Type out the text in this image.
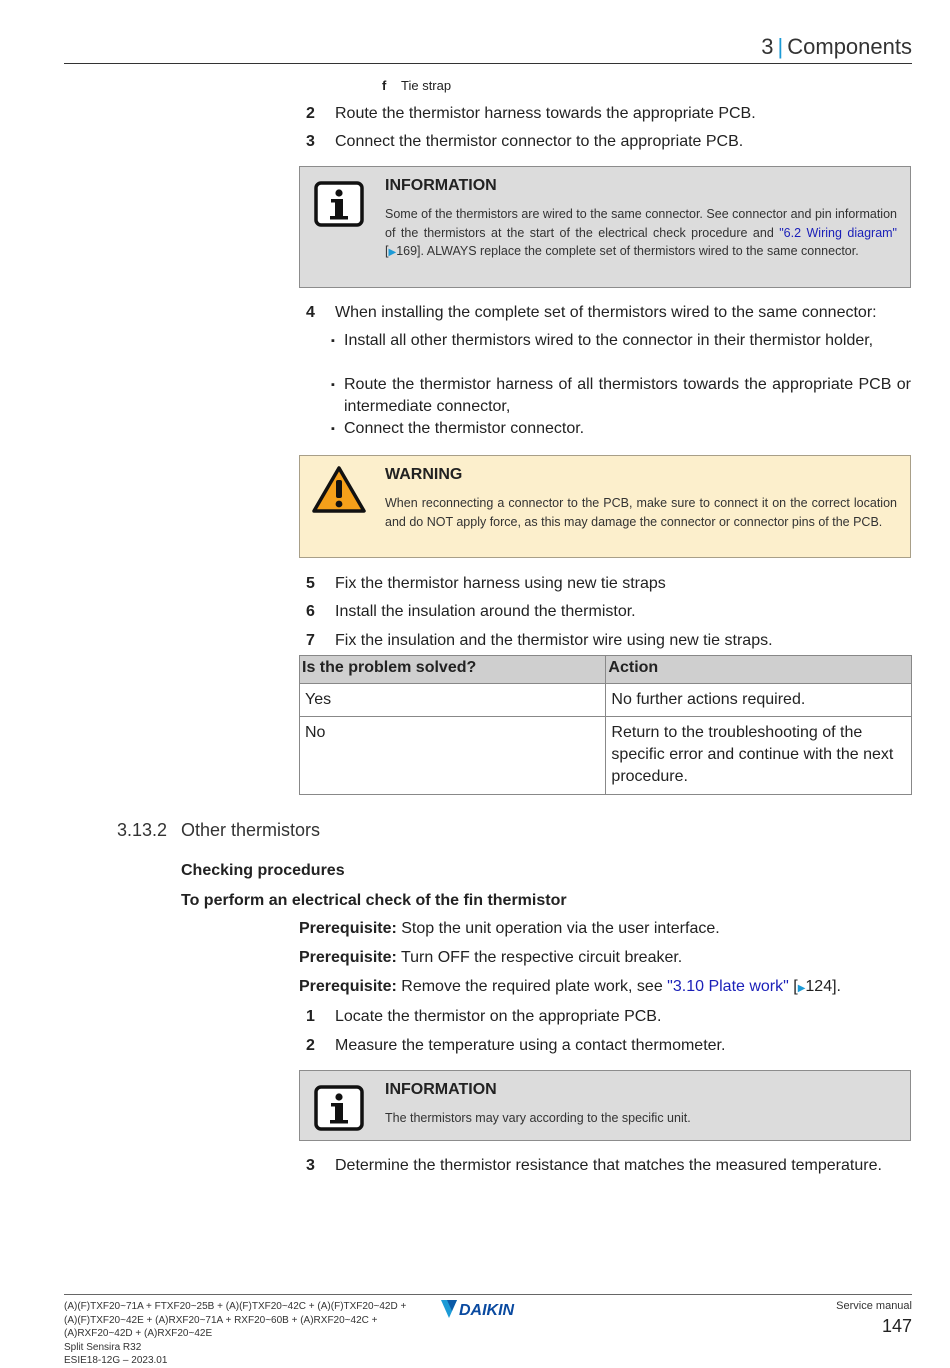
3 | Components
f Tie strap
2	Route the thermistor harness towards the appropriate PCB.
3	Connect the thermistor connector to the appropriate PCB.
INFORMATION
Some of the thermistors are wired to the same connector. See connector and pin information of the thermistors at the start of the electrical check procedure and "6.2 Wiring diagram" [▶169]. ALWAYS replace the complete set of thermistors wired to the same connector.
4	When installing the complete set of thermistors wired to the same connector:
▪ Install all other thermistors wired to the connector in their thermistor holder,
▪ Route the thermistor harness of all thermistors towards the appropriate PCB or intermediate connector,
▪ Connect the thermistor connector.
WARNING
When reconnecting a connector to the PCB, make sure to connect it on the correct location and do NOT apply force, as this may damage the connector or connector pins of the PCB.
5	Fix the thermistor harness using new tie straps
6	Install the insulation around the thermistor.
7	Fix the insulation and the thermistor wire using new tie straps.
Is the problem solved?	Action
Yes	No further actions required.
No	Return to the troubleshooting of the specific error and continue with the next procedure.
3.13.2 Other thermistors
Checking procedures
To perform an electrical check of the fin thermistor
Prerequisite: Stop the unit operation via the user interface.
Prerequisite: Turn OFF the respective circuit breaker.
Prerequisite: Remove the required plate work, see "3.10 Plate work" [▶124].
1	Locate the thermistor on the appropriate PCB.
2	Measure the temperature using a contact thermometer.
INFORMATION
The thermistors may vary according to the specific unit.
3	Determine the thermistor resistance that matches the measured temperature.
(A)(F)TXF20~71A + FTXF20~25B + (A)(F)TXF20~42C + (A)(F)TXF20~42D +
(A)(F)TXF20~42E + (A)RXF20~71A + RXF20~60B + (A)RXF20~42C +
(A)RXF20~42D + (A)RXF20~42E
Split Sensira R32
ESIE18-12G – 2023.01
DAIKIN	Service manual
147
